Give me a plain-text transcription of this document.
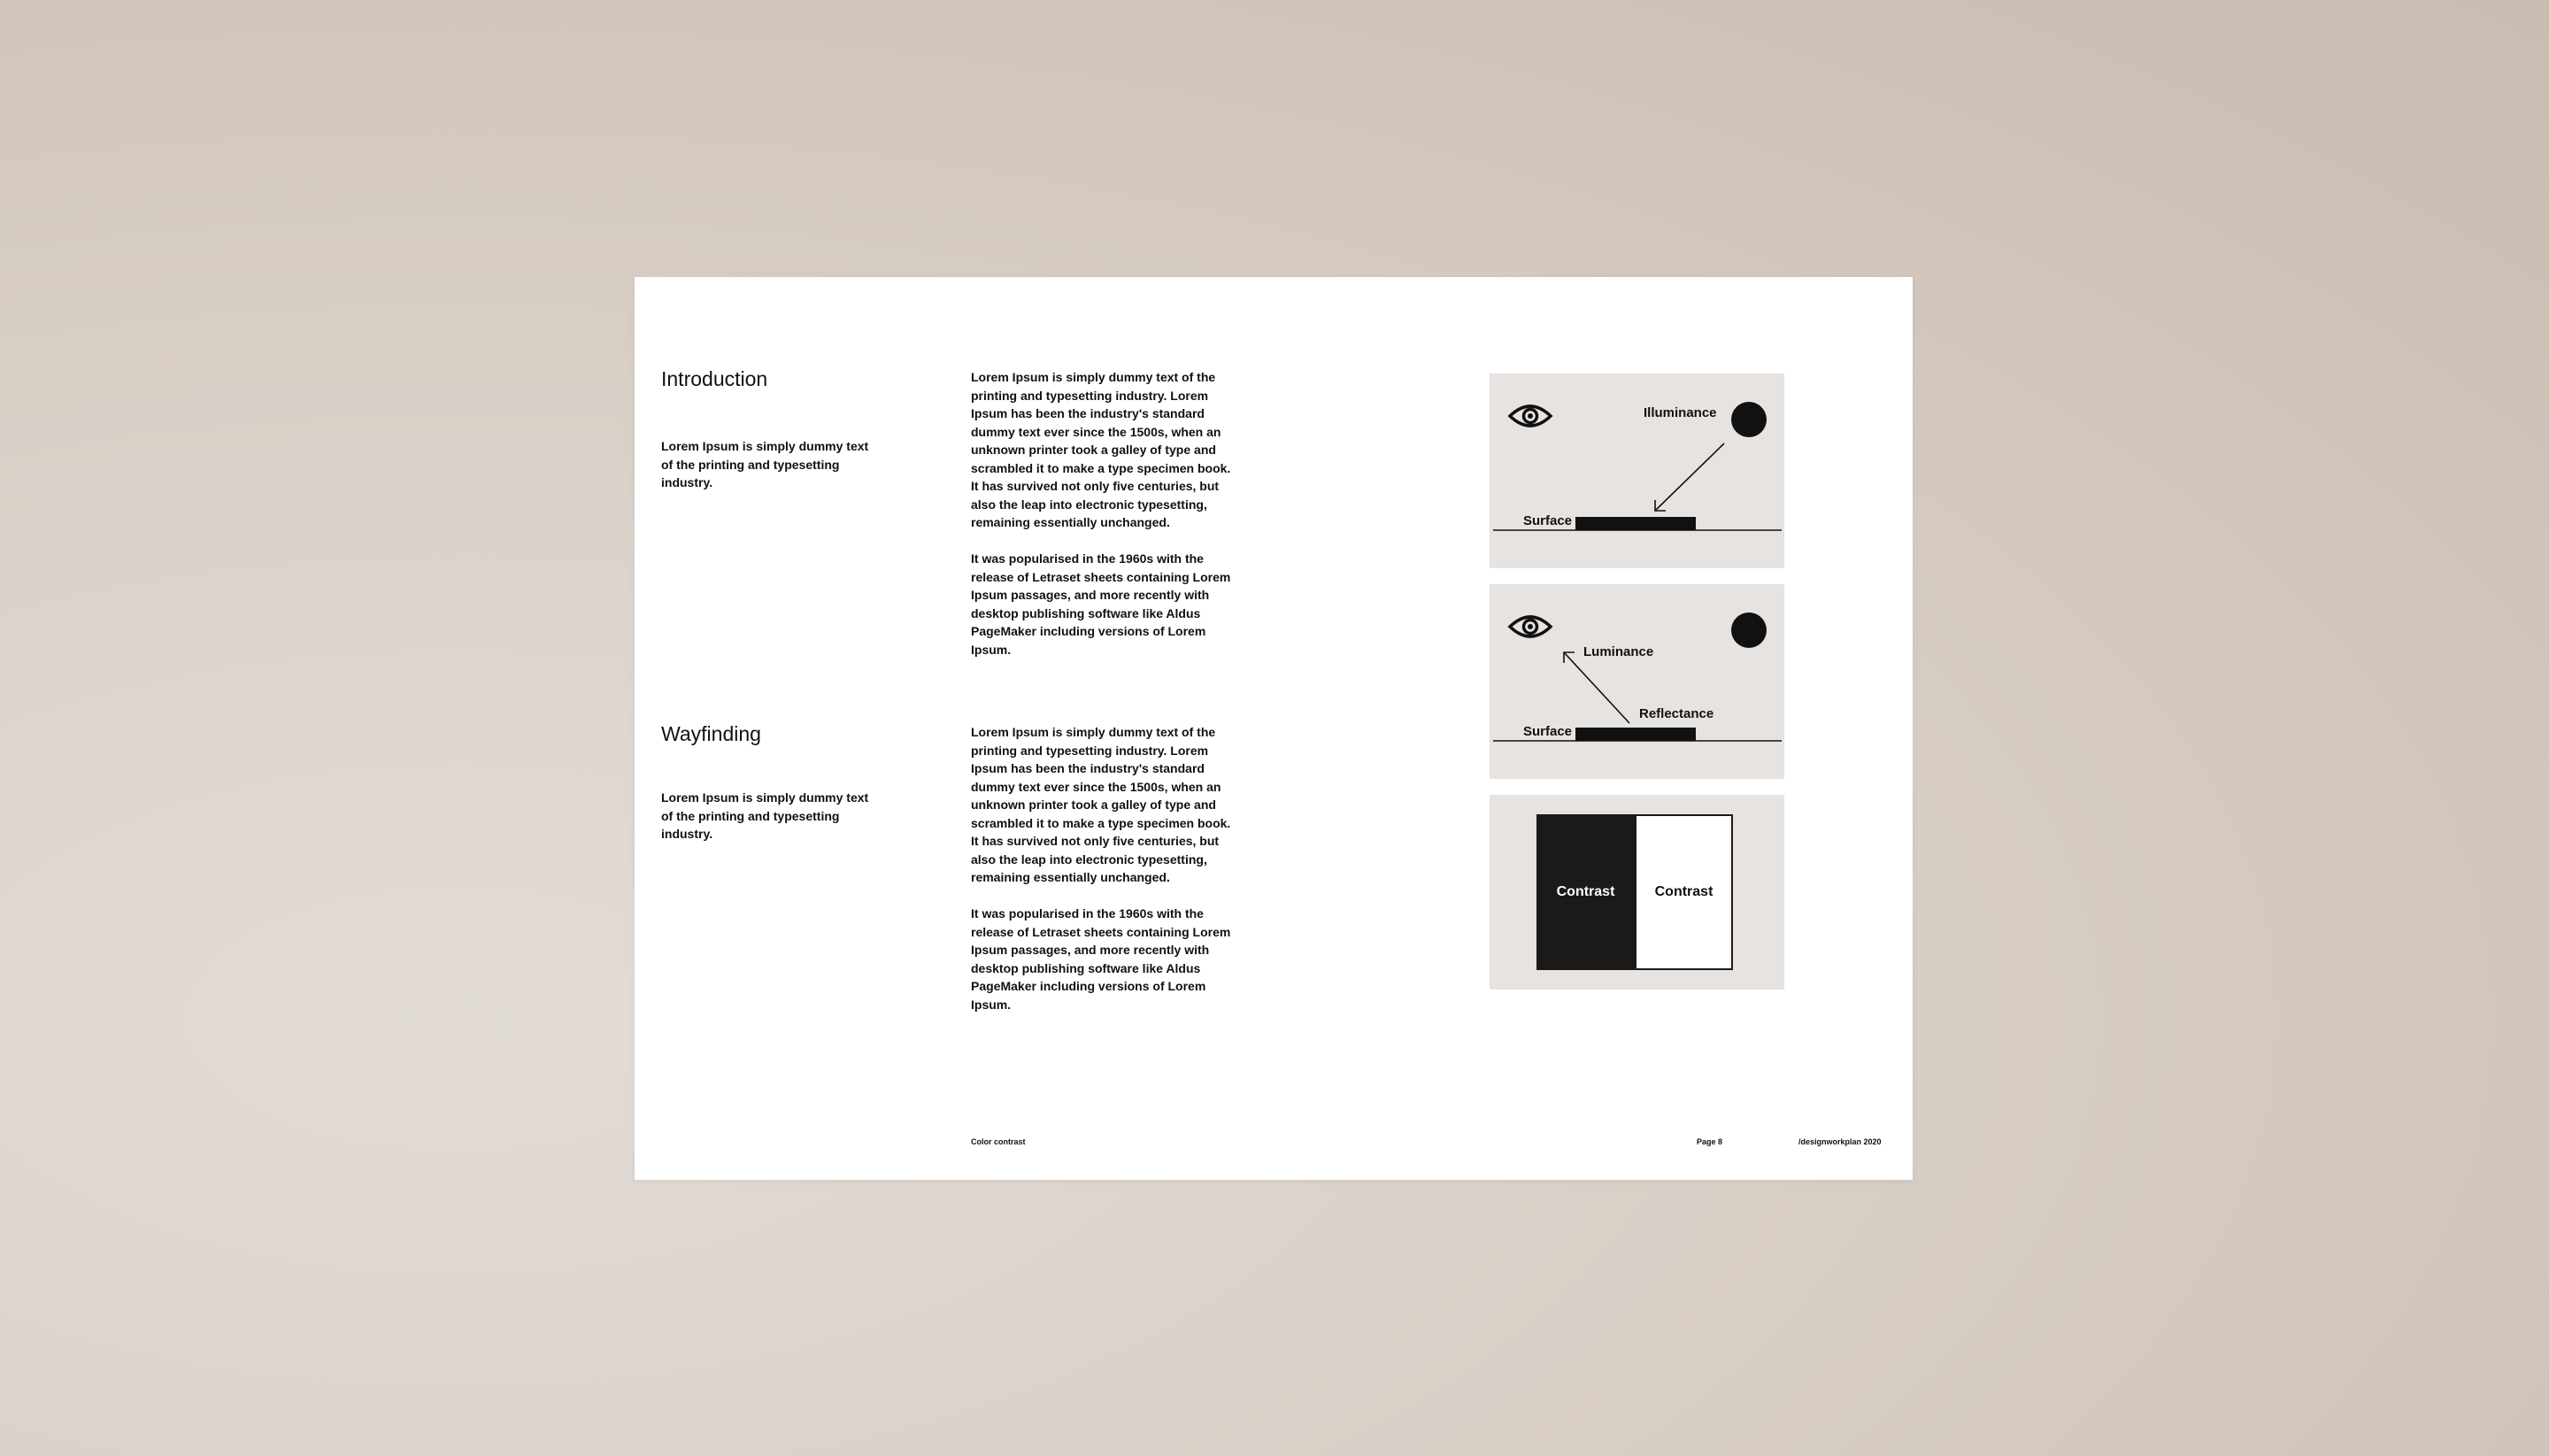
Introduction

Lorem Ipsum is simply dummy text of the printing and typesetting industry.

Lorem Ipsum is simply dummy text of the printing and typesetting industry. Lorem Ipsum has been the industry's standard dummy text ever since the 1500s, when an unknown printer took a galley of type and scrambled it to make a type specimen book. It has survived not only five centuries, but also the leap into electronic typesetting, remaining essentially unchanged.

It was popularised in the 1960s with the release of Letraset sheets containing Lorem Ipsum passages, and more recently with desktop publishing software like Aldus PageMaker including versions of Lorem Ipsum.

Wayfinding

Lorem Ipsum is simply dummy text of the printing and typesetting industry.

Lorem Ipsum is simply dummy text of the printing and typesetting industry. Lorem Ipsum has been the industry's standard dummy text ever since the 1500s, when an unknown printer took a galley of type and scrambled it to make a type specimen book. It has survived not only five centuries, but also the leap into electronic typesetting, remaining essentially unchanged.

It was popularised in the 1960s with the release of Letraset sheets containing Lorem Ipsum passages, and more recently with desktop publishing software like Aldus PageMaker including versions of Lorem Ipsum.

Illuminance
Surface
Luminance
Reflectance
Surface
Contrast	Contrast
Color contrast	Page 8	/designworkplan 2020
